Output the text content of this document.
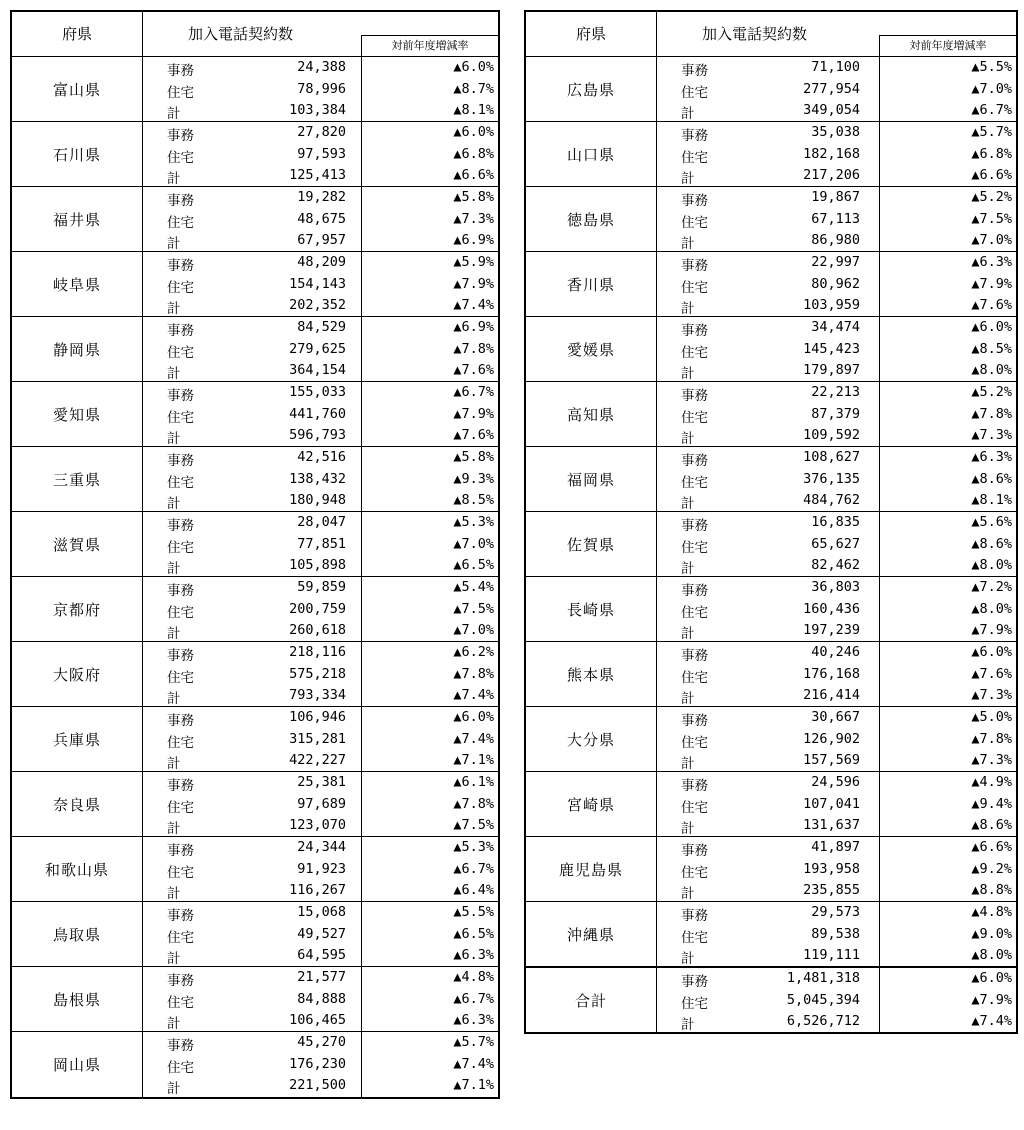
府県	加入電話契約数
対前年度増減率
富山県
事務	24,388	▲6.0%
住宅	78,996	▲8.7%
計	103,384	▲8.1%
石川県
事務	27,820	▲6.0%
住宅	97,593	▲6.8%
計	125,413	▲6.6%
福井県
事務	19,282	▲5.8%
住宅	48,675	▲7.3%
計	67,957	▲6.9%
岐阜県
事務	48,209	▲5.9%
住宅	154,143	▲7.9%
計	202,352	▲7.4%
静岡県
事務	84,529	▲6.9%
住宅	279,625	▲7.8%
計	364,154	▲7.6%
愛知県
事務	155,033	▲6.7%
住宅	441,760	▲7.9%
計	596,793	▲7.6%
三重県
事務	42,516	▲5.8%
住宅	138,432	▲9.3%
計	180,948	▲8.5%
滋賀県
事務	28,047	▲5.3%
住宅	77,851	▲7.0%
計	105,898	▲6.5%
京都府
事務	59,859	▲5.4%
住宅	200,759	▲7.5%
計	260,618	▲7.0%
大阪府
事務	218,116	▲6.2%
住宅	575,218	▲7.8%
計	793,334	▲7.4%
兵庫県
事務	106,946	▲6.0%
住宅	315,281	▲7.4%
計	422,227	▲7.1%
奈良県
事務	25,381	▲6.1%
住宅	97,689	▲7.8%
計	123,070	▲7.5%
和歌山県
事務	24,344	▲5.3%
住宅	91,923	▲6.7%
計	116,267	▲6.4%
鳥取県
事務	15,068	▲5.5%
住宅	49,527	▲6.5%
計	64,595	▲6.3%
島根県
事務	21,577	▲4.8%
住宅	84,888	▲6.7%
計	106,465	▲6.3%
岡山県
事務	45,270	▲5.7%
住宅	176,230	▲7.4%
計	221,500	▲7.1%
府県	加入電話契約数
対前年度増減率
広島県
事務	71,100	▲5.5%
住宅	277,954	▲7.0%
計	349,054	▲6.7%
山口県
事務	35,038	▲5.7%
住宅	182,168	▲6.8%
計	217,206	▲6.6%
徳島県
事務	19,867	▲5.2%
住宅	67,113	▲7.5%
計	86,980	▲7.0%
香川県
事務	22,997	▲6.3%
住宅	80,962	▲7.9%
計	103,959	▲7.6%
愛媛県
事務	34,474	▲6.0%
住宅	145,423	▲8.5%
計	179,897	▲8.0%
高知県
事務	22,213	▲5.2%
住宅	87,379	▲7.8%
計	109,592	▲7.3%
福岡県
事務	108,627	▲6.3%
住宅	376,135	▲8.6%
計	484,762	▲8.1%
佐賀県
事務	16,835	▲5.6%
住宅	65,627	▲8.6%
計	82,462	▲8.0%
長崎県
事務	36,803	▲7.2%
住宅	160,436	▲8.0%
計	197,239	▲7.9%
熊本県
事務	40,246	▲6.0%
住宅	176,168	▲7.6%
計	216,414	▲7.3%
大分県
事務	30,667	▲5.0%
住宅	126,902	▲7.8%
計	157,569	▲7.3%
宮崎県
事務	24,596	▲4.9%
住宅	107,041	▲9.4%
計	131,637	▲8.6%
鹿児島県
事務	41,897	▲6.6%
住宅	193,958	▲9.2%
計	235,855	▲8.8%
沖縄県
事務	29,573	▲4.8%
住宅	89,538	▲9.0%
計	119,111	▲8.0%
合計
事務	1,481,318	▲6.0%
住宅	5,045,394	▲7.9%
計	6,526,712	▲7.4%
